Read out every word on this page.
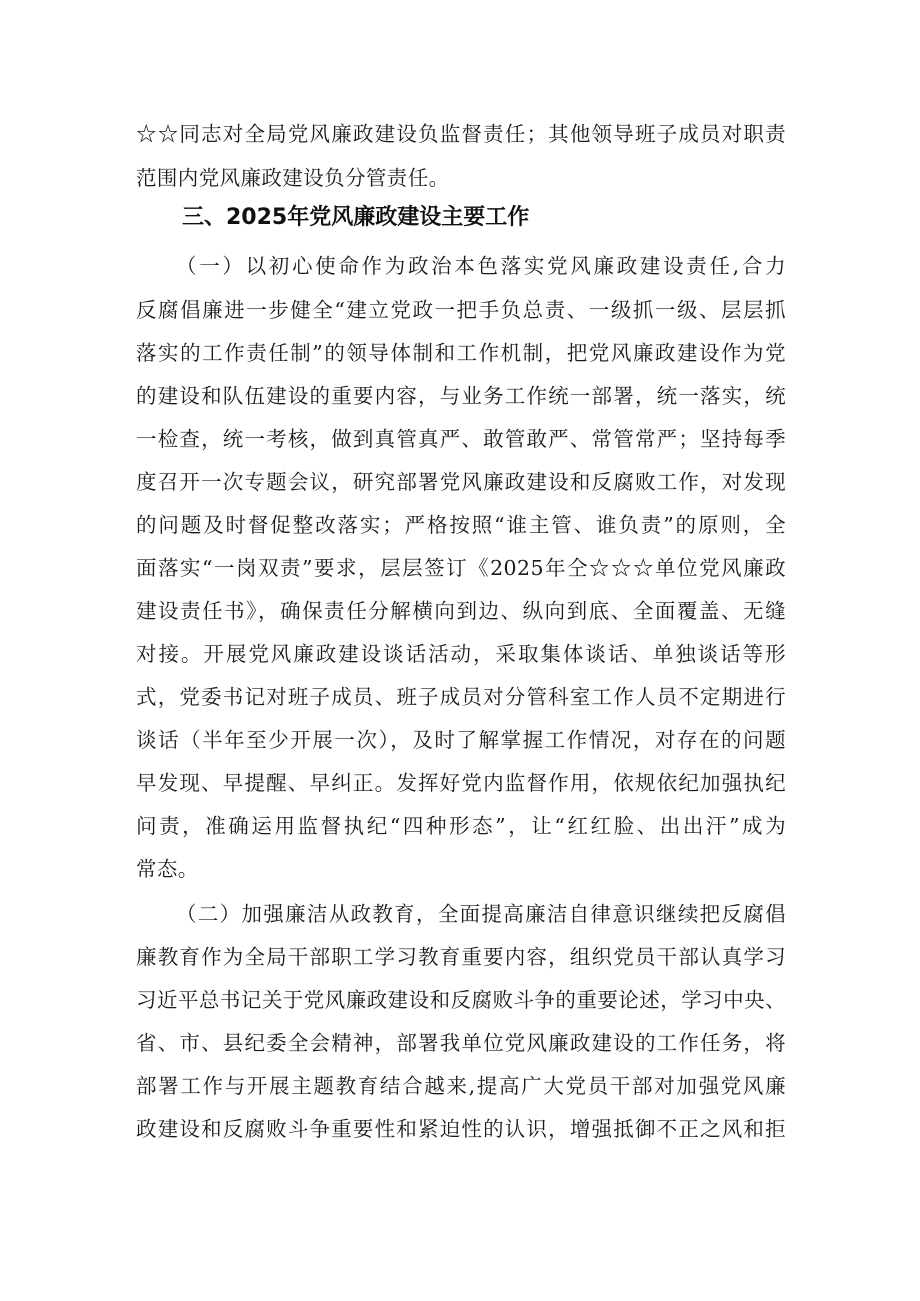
☆☆同志对全局党风廉政建设负监督责任；其他领导班子成员对职责
范围内党风廉政建设负分管责任。
三、2025年党风廉政建设主要工作
（一）以初心使命作为政治本色落实党风廉政建设责任,合力
反腐倡廉进一步健全“建立党政一把手负总责、一级抓一级、层层抓
落实的工作责任制”的领导体制和工作机制，把党风廉政建设作为党
的建设和队伍建设的重要内容，与业务工作统一部署，统一落实，统
一检查，统一考核，做到真管真严、敢管敢严、常管常严；坚持每季
度召开一次专题会议，研究部署党风廉政建设和反腐败工作，对发现
的问题及时督促整改落实；严格按照“谁主管、谁负责”的原则，全
面落实“一岗双责”要求，层层签订《2025年仝☆☆☆单位党风廉政
建设责任书》，确保责任分解横向到边、纵向到底、全面覆盖、无缝
对接。开展党风廉政建设谈话活动，采取集体谈话、单独谈话等形
式，党委书记对班子成员、班子成员对分管科室工作人员不定期进行
谈话（半年至少开展一次），及时了解掌握工作情况，对存在的问题
早发现、早提醒、早纠正。发挥好党内监督作用，依规依纪加强执纪
问责，准确运用监督执纪“四种形态”，让“红红脸、出出汗”成为
常态。
（二）加强廉洁从政教育，全面提高廉洁自律意识继续把反腐倡
廉教育作为全局干部职工学习教育重要内容，组织党员干部认真学习
习近平总书记关于党风廉政建设和反腐败斗争的重要论述，学习中央、
省、市、县纪委全会精神，部署我单位党风廉政建设的工作任务，将
部署工作与开展主题教育结合越来,提高广大党员干部对加强党风廉
政建设和反腐败斗争重要性和紧迫性的认识，增强抵御不正之风和拒
